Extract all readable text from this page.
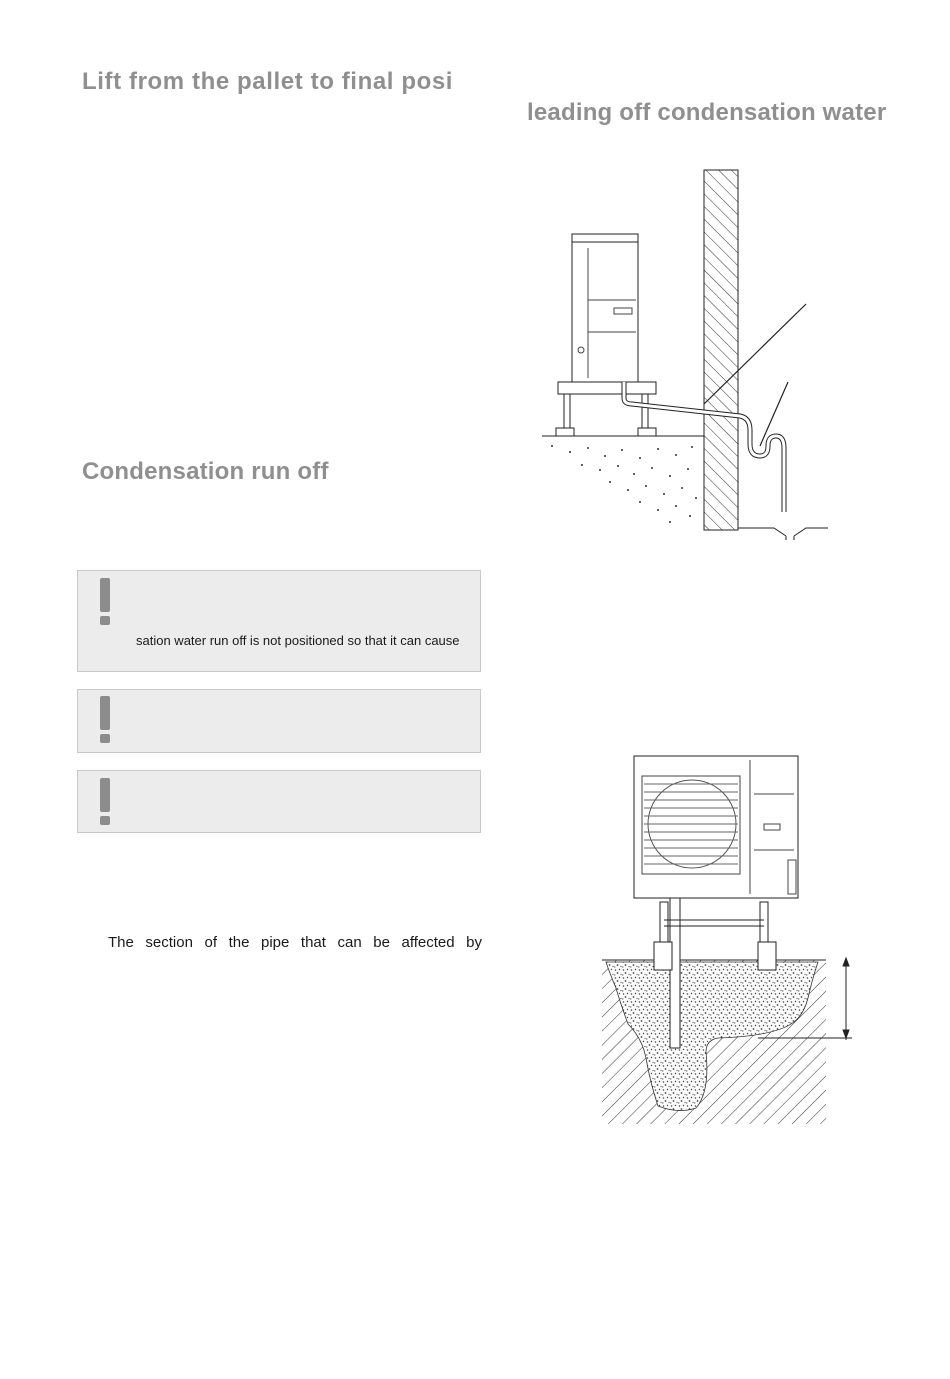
Lift from the pallet to final posi
leading off condensation water
Condensation run off
sation water run off is not positioned so that it can cause
The section of the pipe that can be affected by
